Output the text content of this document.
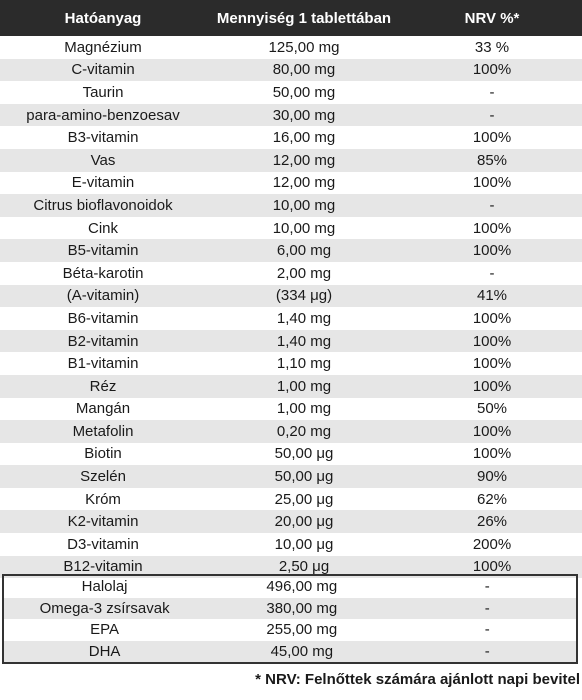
Hatóanyag	Mennyiség 1 tablettában	NRV %*
Magnézium	125,00 mg	33 %
C-vitamin	80,00 mg	100%
Taurin	50,00 mg	-
para-amino-benzoesav	30,00 mg	-
B3-vitamin	16,00 mg	100%
Vas	12,00 mg	85%
E-vitamin	12,00 mg	100%
Citrus bioflavonoidok	10,00 mg	-
Cink	10,00 mg	100%
B5-vitamin	6,00 mg	100%
Béta-karotin	2,00 mg	-
(A-vitamin)	(334 μg)	41%
B6-vitamin	1,40 mg	100%
B2-vitamin	1,40 mg	100%
B1-vitamin	1,10 mg	100%
Réz	1,00 mg	100%
Mangán	1,00 mg	50%
Metafolin	0,20 mg	100%
Biotin	50,00 μg	100%
Szelén	50,00 μg	90%
Króm	25,00 μg	62%
K2-vitamin	20,00 μg	26%
D3-vitamin	10,00 μg	200%
B12-vitamin	2,50 μg	100%
Halolaj	496,00 mg	-
Omega-3 zsírsavak	380,00 mg	-
EPA	255,00 mg	-
DHA	45,00 mg	-
* NRV: Felnőttek számára ajánlott napi bevitel
